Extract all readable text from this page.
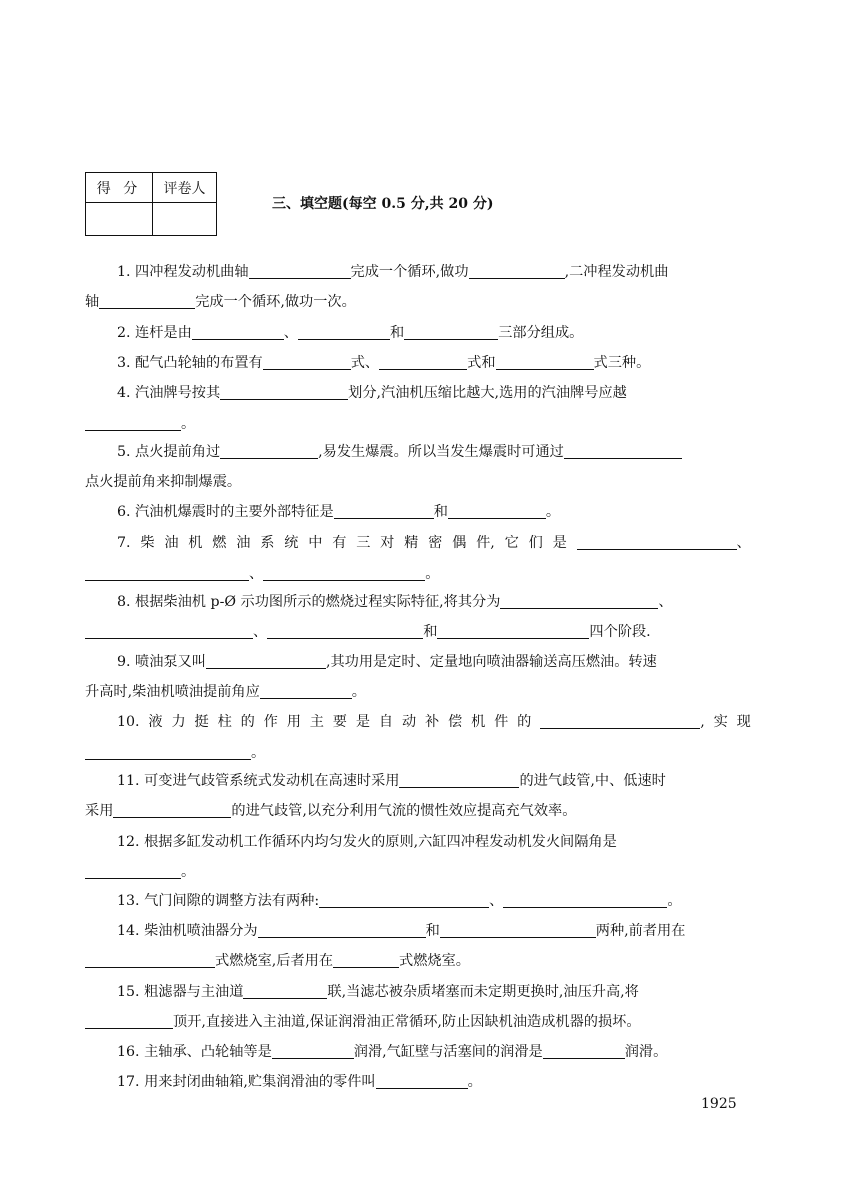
得 分	评卷人
三、填空题(每空 0.5 分,共 20 分)
1. 四冲程发动机曲轴	完成一个循环,做功	,二冲程发动机曲
轴	完成一个循环,做功一次。
2. 连杆是由	、	和	三部分组成。
3. 配气凸轮轴的布置有	式、	式和	式三种。
4. 汽油牌号按其	划分,汽油机压缩比越大,选用的汽油牌号应越
。
5. 点火提前角过	,易发生爆震。所以当发生爆震时可通过
点火提前角来抑制爆震。
6. 汽油机爆震时的主要外部特征是	和	。
7. 柴 油 机 燃 油 系 统 中 有 三 对 精 密 偶 件, 它 们 是	、
、	。
8. 根据柴油机 p-Ø 示功图所示的燃烧过程实际特征,将其分为	、
、	和	四个阶段.
9. 喷油泵又叫	,其功用是定时、定量地向喷油器输送高压燃油。转速
升高时,柴油机喷油提前角应	。
10. 液 力 挺 柱 的 作 用 主 要 是 自 动 补 偿 机 件 的	, 实 现
。
11. 可变进气歧管系统式发动机在高速时采用	的进气歧管,中、低速时
采用	的进气歧管,以充分利用气流的惯性效应提高充气效率。
12. 根据多缸发动机工作循环内均匀发火的原则,六缸四冲程发动机发火间隔角是
。
13. 气门间隙的调整方法有两种:	、	。
14. 柴油机喷油器分为	和	两种,前者用在
式燃烧室,后者用在	式燃烧室。
15. 粗滤器与主油道	联,当滤芯被杂质堵塞而未定期更换时,油压升高,将
顶开,直接进入主油道,保证润滑油正常循环,防止因缺机油造成机器的损坏。
16. 主轴承、凸轮轴等是	润滑,气缸壁与活塞间的润滑是	润滑。
17. 用来封闭曲轴箱,贮集润滑油的零件叫	。
1925
